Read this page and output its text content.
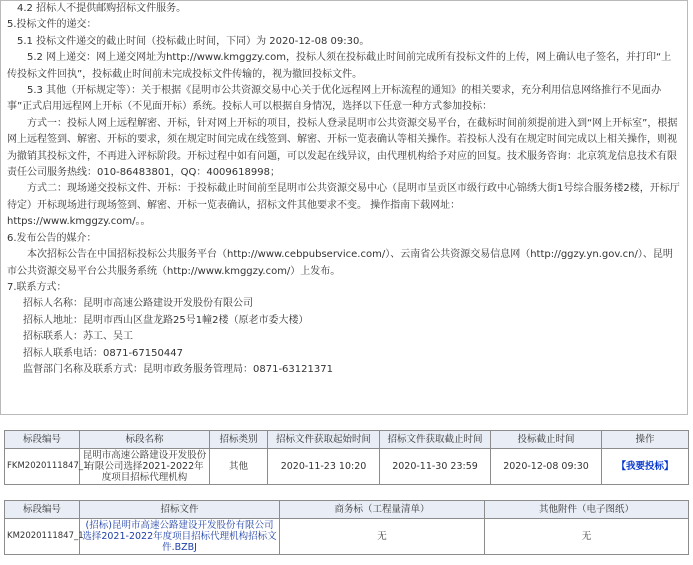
4.2 招标人不提供邮购招标文件服务。

5.投标文件的递交：

5.1 投标文件递交的截止时间（投标截止时间，下同）为 2020-12-08 09:30。

5.2 网上递交：网上递交网址为http://www.kmggzy.com，投标人须在投标截止时间前完成所有投标文件的上传，网上确认电子签名，并打印“上传投标文件回执”，投标截止时间前未完成投标文件传输的，视为撤回投标文件。

5.3 其他（开标规定等）：关于根据《昆明市公共资源交易中心关于优化远程网上开标流程的通知》的相关要求，充分利用信息网络推行不见面办事”正式启用远程网上开标（不见面开标）系统。投标人可以根据自身情况，选择以下任意一种方式参加投标：

方式一：投标人网上远程解密、开标，针对网上开标的项目，投标人登录昆明市公共资源交易平台，在截标时间前须提前进入到“网上开标室”，根据网上远程签到、解密、开标的要求，须在规定时间完成在线签到、解密、开标一览表确认等相关操作。若投标人没有在规定时间完成以上相关操作，则视为撤销其投标文件，不再进入评标阶段。开标过程中如有问题，可以发起在线异议，由代理机构给予对应的回复。技术服务咨询：北京筑龙信息技术有限责任公司服务热线：010-86483801，QQ：4009618998；

方式二：现场递交投标文件、开标：于投标截止时间前至昆明市公共资源交易中心（昆明市呈贡区市级行政中心锦绣大街1号综合服务楼2楼，开标厅待定）开标现场进行现场签到、解密、开标一览表确认，招标文件其他要求不变。 操作指南下载网址：

https://www.kmggzy.com/。。

6.发布公告的媒介：

本次招标公告在中国招标投标公共服务平台（http://www.cebpubservice.com/）、云南省公共资源交易信息网（http://ggzy.yn.gov.cn/）、昆明市公共资源交易平台公共服务系统（http://www.kmggzy.com/）上发布。

7.联系方式：

招标人名称：昆明市高速公路建设开发股份有限公司

招标人地址：昆明市西山区盘龙路25号1幢2楼（原老市委大楼）

招标联系人：苏工、吴工

招标人联系电话：0871-67150447

监督部门名称及联系方式：昆明市政务服务管理局：0871-63121371

标段编号	标段名称	招标类别	招标文件获取起始时间	招标文件获取截止时间	投标截止时间	操作
FKM2020111847_1	昆明市高速公路建设开发股份有限公司选择2021-2022年度项目招标代理机构	其他	2020-11-23 10:20	2020-11-30 23:59	2020-12-08 09:30	【我要投标】
标段编号	招标文件	商务标（工程量清单）	其他附件（电子图纸）
KM2020111847_1	(招标)昆明市高速公路建设开发股份有限公司选择2021-2022年度项目招标代理机构招标文件.BZBJ	无	无
